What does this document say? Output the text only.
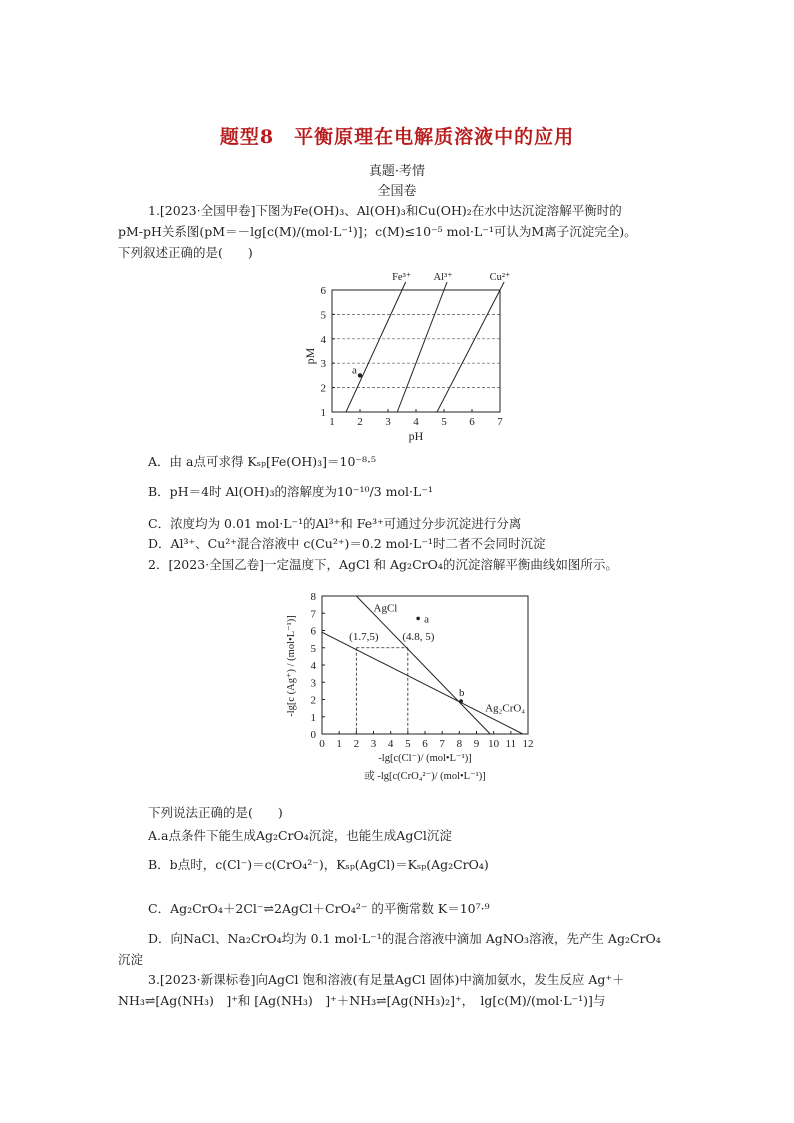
题型8　平衡原理在电解质溶液中的应用
真题·考情
全国卷
1.[2023·全国甲卷]下图为Fe(OH)₃、Al(OH)₃和Cu(OH)₂在水中达沉淀溶解平衡时的
pM-pH关系图(pM＝－lg[c(M)/(mol·L⁻¹)]；c(M)≤10⁻⁵ mol·L⁻¹可认为M离子沉淀完全)。
下列叙述正确的是(　　)
1
2
3
4
5
6
1 2 3 4 5 6 7
Fe³⁺ Al³⁺	Cu²⁺
a
pM
pH
A．由 a点可求得 Kₛₚ[Fe(OH)₃]＝10⁻⁸·⁵
B．pH＝4时 Al(OH)₃的溶解度为10⁻¹⁰/3 mol·L⁻¹
C．浓度均为 0.01 mol·L⁻¹的Al³⁺和 Fe³⁺可通过分步沉淀进行分离
D．Al³⁺、Cu²⁺混合溶液中 c(Cu²⁺)＝0.2 mol·L⁻¹时二者不会同时沉淀
2．[2023·全国乙卷]一定温度下，AgCl 和 Ag₂CrO₄的沉淀溶解平衡曲线如图所示。
0
1
2
3
4
5
6
7
8
0 1 2 3 4 5 6 7 8 9 10 11 12
AgCl
Ag₂CrO₄
a
(1.7,5) (4.8, 5)
b
-lg[c (Ag⁺) / (mol•L⁻¹)]
-lg[c(Cl⁻)/ (mol•L⁻¹)]
或 -lg[c(CrO₄²⁻)/ (mol•L⁻¹)]
下列说法正确的是(　　)
A.a点条件下能生成Ag₂CrO₄沉淀，也能生成AgCl沉淀
B．b点时，c(Cl⁻)＝c(CrO₄²⁻)，Kₛₚ(AgCl)＝Kₛₚ(Ag₂CrO₄)
C．Ag₂CrO₄＋2Cl⁻⇌2AgCl＋CrO₄²⁻ 的平衡常数 K＝10⁷·⁹
D．向NaCl、Na₂CrO₄均为 0.1 mol·L⁻¹的混合溶液中滴加 AgNO₃溶液，先产生 Ag₂CrO₄
沉淀
3.[2023·新课标卷]向AgCl 饱和溶液(有足量AgCl 固体)中滴加氨水，发生反应 Ag⁺＋
NH₃⇌[Ag(NH₃)　]⁺和 [Ag(NH₃)　]⁺＋NH₃⇌[Ag(NH₃)₂]⁺，　lg[c(M)/(mol·L⁻¹)]与
